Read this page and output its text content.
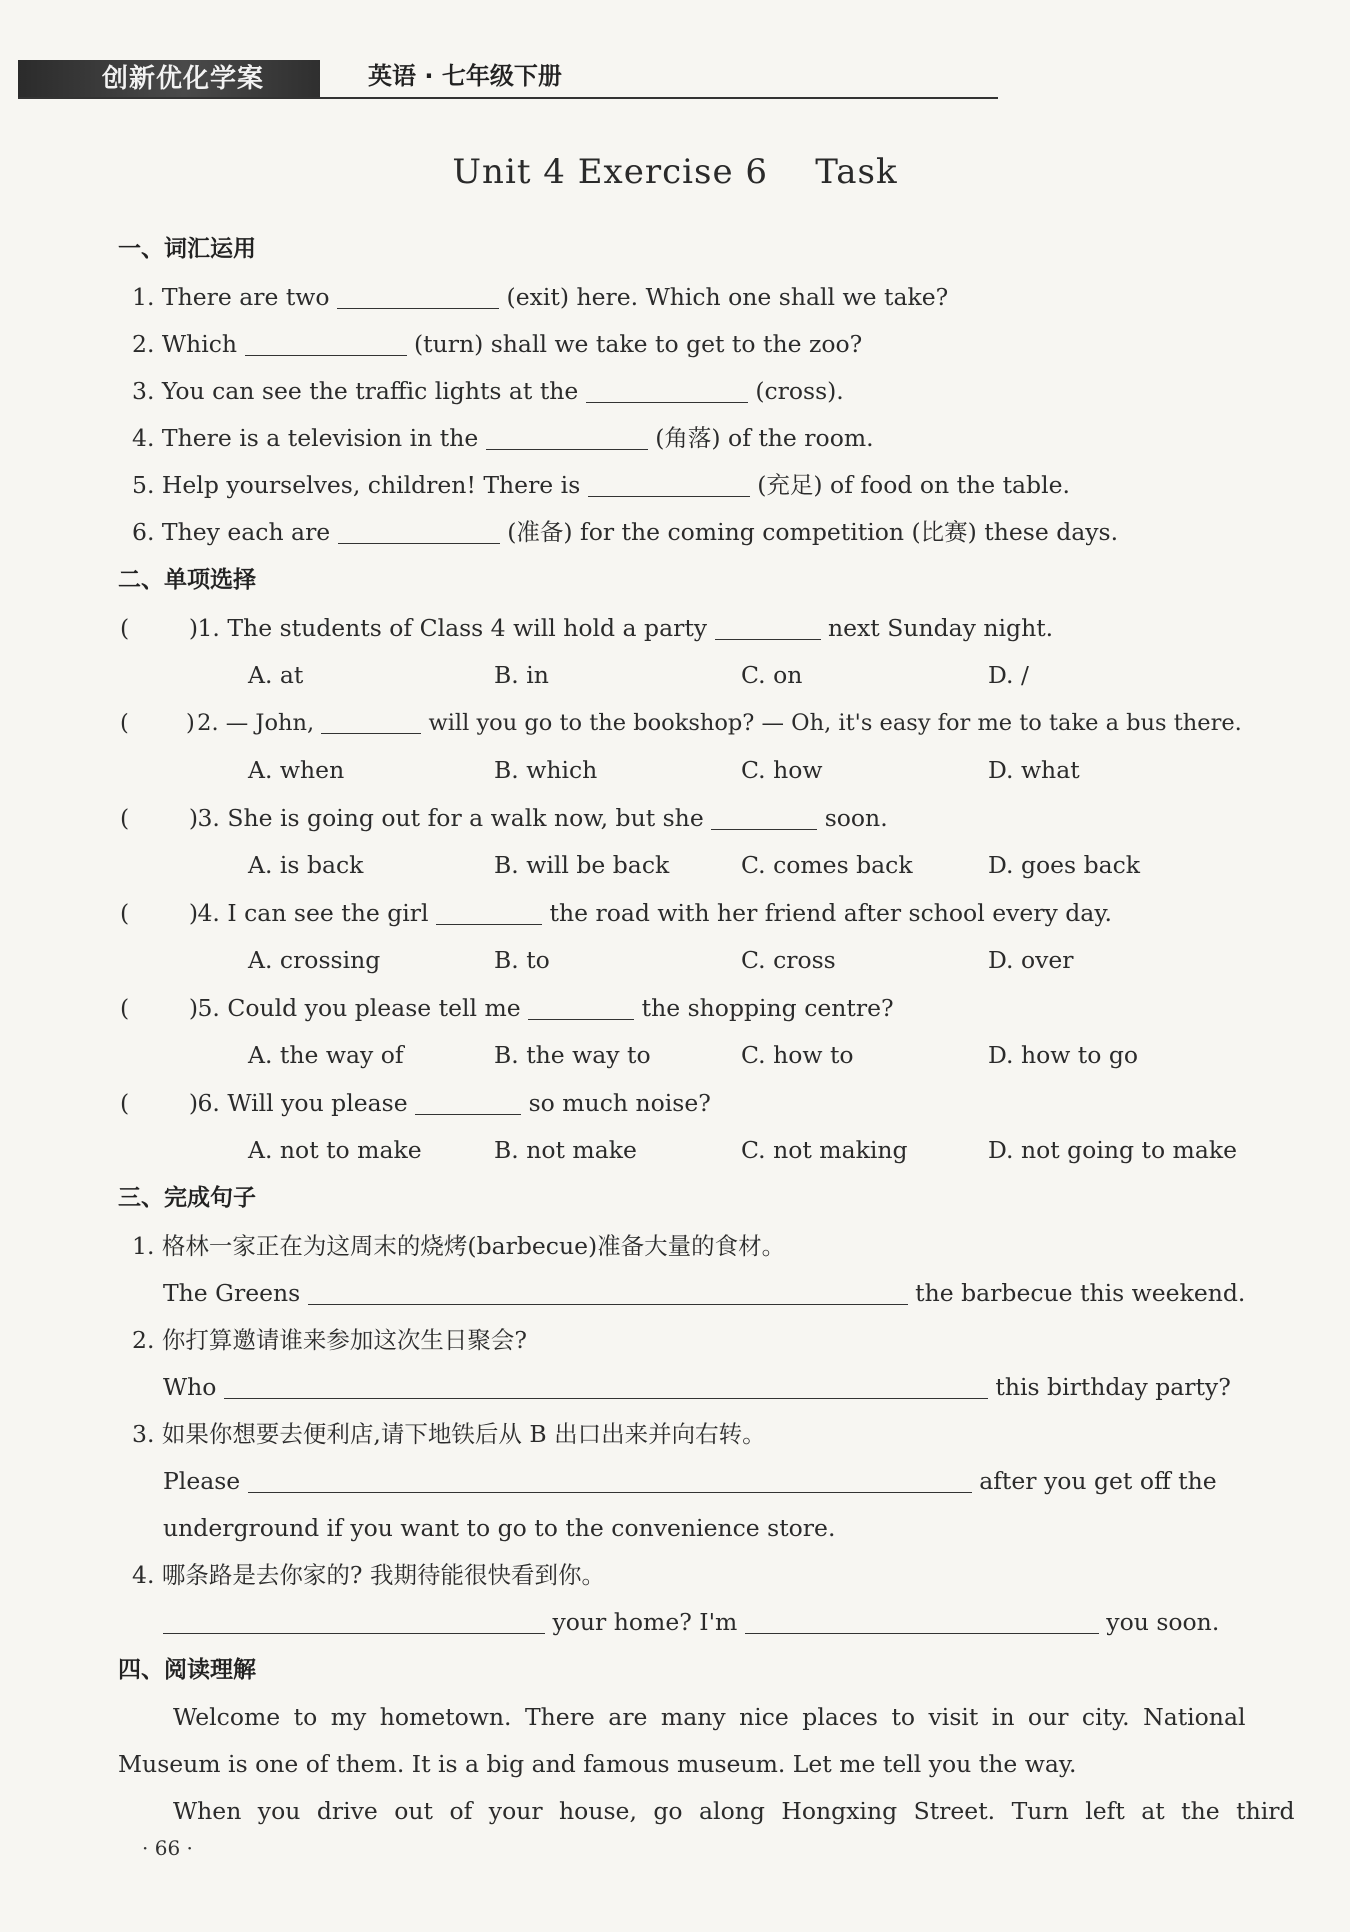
创新优化学案	英语 · 七年级下册
Unit 4 Exercise 6    Task
一、词汇运用
1. There are two	(exit) here. Which one shall we take?
2. Which	(turn) shall we take to get to the zoo?
3. You can see the traffic lights at the	(cross).
4. There is a television in the	(角落) of the room.
5. Help yourselves, children! There is	(充足) of food on the table.
6. They each are	(准备) for the coming competition (比赛) these days.
二、单项选择
(        ) 1. The students of Class 4 will hold a party	next Sunday night.
A. at	B. in	C. on	D. /
(        ) 2. — John,	will you go to the bookshop? — Oh, it's easy for me to take a bus there.
A. when	B. which	C. how	D. what
(        ) 3. She is going out for a walk now, but she	soon.
A. is back	B. will be back	C. comes back	D. goes back
(        ) 4. I can see the girl	the road with her friend after school every day.
A. crossing	B. to	C. cross	D. over
(        ) 5. Could you please tell me	the shopping centre?
A. the way of	B. the way to	C. how to	D. how to go
(        ) 6. Will you please	so much noise?
A. not to make	B. not make	C. not making	D. not going to make
三、完成句子
1. 格林一家正在为这周末的烧烤(barbecue)准备大量的食材。
The Greens	the barbecue this weekend.
2. 你打算邀请谁来参加这次生日聚会?
Who	this birthday party?
3. 如果你想要去便利店,请下地铁后从 B 出口出来并向右转。
Please	after you get off the
underground if you want to go to the convenience store.
4. 哪条路是去你家的? 我期待能很快看到你。
your home? I'm	you soon.
四、阅读理解
Welcome to my hometown. There are many nice places to visit in our city. National
Museum is one of them. It is a big and famous museum. Let me tell you the way.
When you drive out of your house, go along Hongxing Street. Turn left at the third
· 66 ·
